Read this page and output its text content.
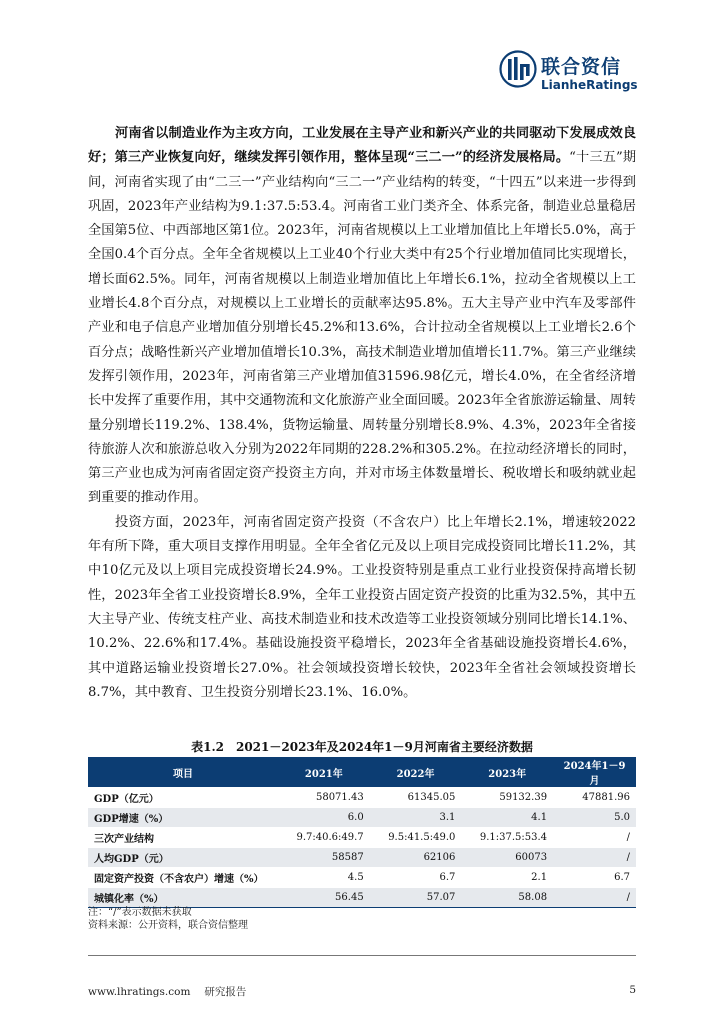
联合资信
LianheRatings

河南省以制造业作为主攻方向，工业发展在主导产业和新兴产业的共同驱动下发展成效良好；第三产业恢复向好，继续发挥引领作用，整体呈现“三二一”的经济发展格局。“十三五”期间，河南省实现了由“二三一”产业结构向“三二一”产业结构的转变，“十四五”以来进一步得到巩固，2023年产业结构为9.1:37.5:53.4。河南省工业门类齐全、体系完备，制造业总量稳居全国第5位、中西部地区第1位。2023年，河南省规模以上工业增加值比上年增长5.0%，高于全国0.4个百分点。全年全省规模以上工业40个行业大类中有25个行业增加值同比实现增长，增长面62.5%。同年，河南省规模以上制造业增加值比上年增长6.1%，拉动全省规模以上工业增长4.8个百分点，对规模以上工业增长的贡献率达95.8%。五大主导产业中汽车及零部件产业和电子信息产业增加值分别增长45.2%和13.6%，合计拉动全省规模以上工业增长2.6个百分点；战略性新兴产业增加值增长10.3%，高技术制造业增加值增长11.7%。第三产业继续发挥引领作用，2023年，河南省第三产业增加值31596.98亿元，增长4.0%，在全省经济增长中发挥了重要作用，其中交通物流和文化旅游产业全面回暖。2023年全省旅游运输量、周转量分别增长119.2%、138.4%，货物运输量、周转量分别增长8.9%、4.3%，2023年全省接待旅游人次和旅游总收入分别为2022年同期的228.2%和305.2%。在拉动经济增长的同时，第三产业也成为河南省固定资产投资主方向，并对市场主体数量增长、税收增长和吸纳就业起到重要的推动作用。

投资方面，2023年，河南省固定资产投资（不含农户）比上年增长2.1%，增速较2022年有所下降，重大项目支撑作用明显。全年全省亿元及以上项目完成投资同比增长11.2%，其中10亿元及以上项目完成投资增长24.9%。工业投资特别是重点工业行业投资保持高增长韧性，2023年全省工业投资增长8.9%，全年工业投资占固定资产投资的比重为32.5%，其中五大主导产业、传统支柱产业、高技术制造业和技术改造等工业投资领域分别同比增长14.1%、10.2%、22.6%和17.4%。基础设施投资平稳增长，2023年全省基础设施投资增长4.6%，其中道路运输业投资增长27.0%。社会领域投资增长较快，2023年全省社会领域投资增长8.7%，其中教育、卫生投资分别增长23.1%、16.0%。

表1.2　2021－2023年及2024年1－9月河南省主要经济数据
项目	2021年	2022年	2023年	2024年1－9月
GDP（亿元）	58071.43	61345.05	59132.39	47881.96
GDP增速（%）	6.0	3.1	4.1	5.0
三次产业结构	9.7:40.6:49.7	9.5:41.5:49.0	9.1:37.5:53.4	/
人均GDP（元）	58587	62106	60073	/
固定资产投资（不含农户）增速（%）	4.5	6.7	2.1	6.7
城镇化率（%）	56.45	57.07	58.08	/
注：“/”表示数据未获取
资料来源：公开资料，联合资信整理
www.lhratings.com 研究报告	5
